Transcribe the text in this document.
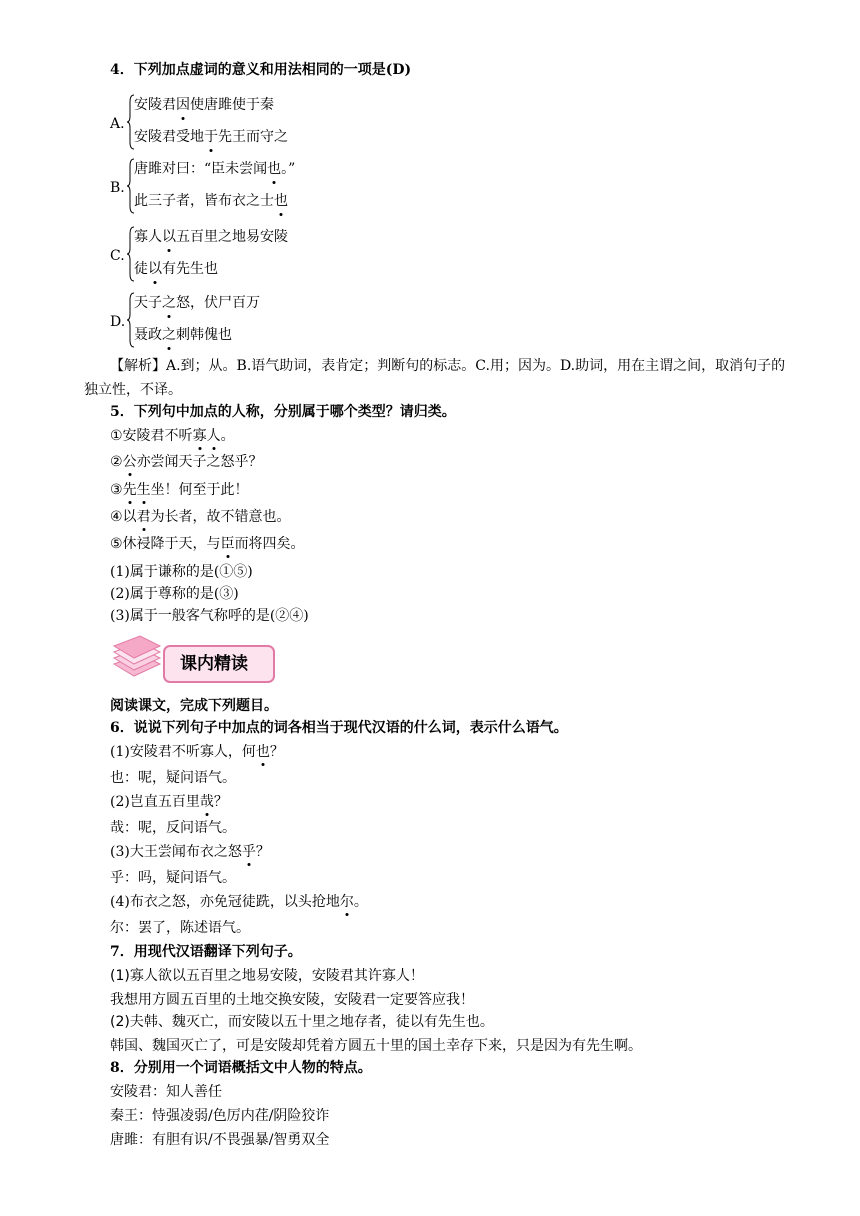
4．下列加点虚词的意义和用法相同的一项是(D)
A.
安陵君因使唐雎使于秦
安陵君受地于先王而守之
B.
唐雎对曰：“臣未尝闻也。”
此三子者，皆布衣之士也
C.
寡人以五百里之地易安陵
徒以有先生也
D.
天子之怒，伏尸百万
聂政之刺韩傀也
【解析】A.到；从。B.语气助词，表肯定；判断句的标志。C.用；因为。D.助词，用在主谓之间，取消句子的
独立性，不译。
5．下列句中加点的人称，分别属于哪个类型？请归类。
①安陵君不听寡人。
②公亦尝闻天子之怒乎？
③先生坐！何至于此！
④以君为长者，故不错意也。
⑤休祲降于天，与臣而将四矣。
(1)属于谦称的是(①⑤)
(2)属于尊称的是(③)
(3)属于一般客气称呼的是(②④)
课内精读
阅读课文，完成下列题目。
6．说说下列句子中加点的词各相当于现代汉语的什么词，表示什么语气。
(1)安陵君不听寡人，何也？
也：呢，疑问语气。
(2)岂直五百里哉？
哉：呢，反问语气。
(3)大王尝闻布衣之怒乎？
乎：吗，疑问语气。
(4)布衣之怒，亦免冠徒跣，以头抢地尔。
尔：罢了，陈述语气。
7．用现代汉语翻译下列句子。
(1)寡人欲以五百里之地易安陵，安陵君其许寡人！
我想用方圆五百里的土地交换安陵，安陵君一定要答应我！
(2)夫韩、魏灭亡，而安陵以五十里之地存者，徒以有先生也。
韩国、魏国灭亡了，可是安陵却凭着方圆五十里的国土幸存下来，只是因为有先生啊。
8．分别用一个词语概括文中人物的特点。
安陵君：知人善任
秦王：恃强凌弱/色厉内荏/阴险狡诈
唐雎：有胆有识/不畏强暴/智勇双全
